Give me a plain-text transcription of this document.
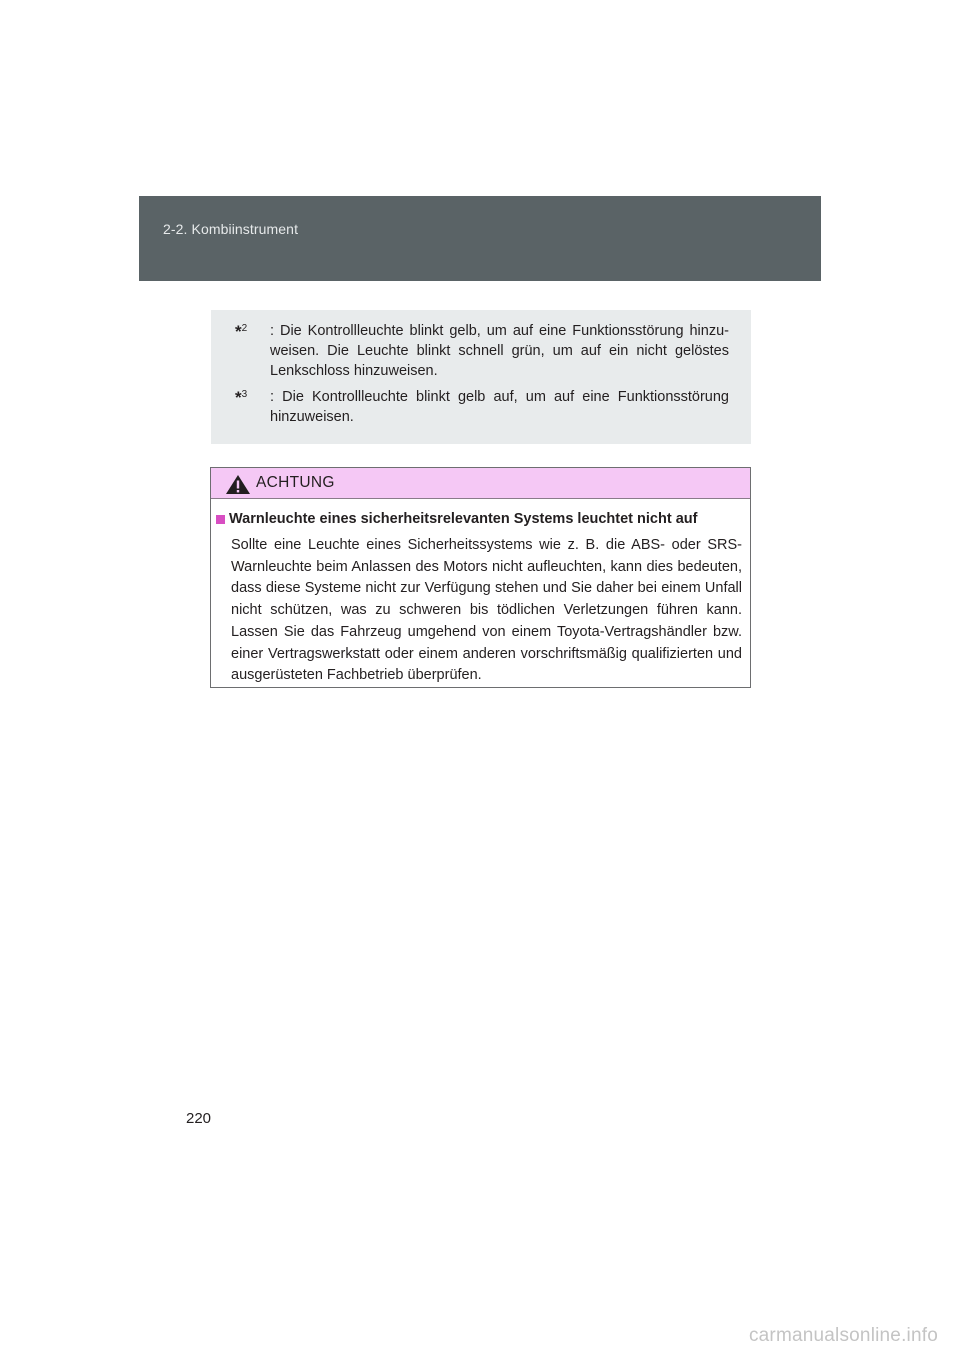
2-2. Kombiinstrument
*$^2$ : Die Kontrollleuchte blinkt gelb, um auf eine Funktionsstörung hinzuweisen. Die Leuchte blinkt schnell grün, um auf ein nicht gelöstes Lenkschloss hinzuweisen.
*$^3$ : Die Kontrollleuchte blinkt gelb auf, um auf eine Funktionsstörung hinzuweisen.
ACHTUNG
Warnleuchte eines sicherheitsrelevanten Systems leuchtet nicht auf
Sollte eine Leuchte eines Sicherheitssystems wie z. B. die ABS- oder SRS-Warnleuchte beim Anlassen des Motors nicht aufleuchten, kann dies bedeuten, dass diese Systeme nicht zur Verfügung stehen und Sie daher bei einem Unfall nicht schützen, was zu schweren bis tödlichen Verletzungen führen kann. Lassen Sie das Fahrzeug umgehend von einem Toyota-Vertragshändler bzw. einer Vertragswerkstatt oder einem anderen vorschriftsmäßig qualifizierten und ausgerüsteten Fachbetrieb überprüfen.
220
carmanualsonline.info
